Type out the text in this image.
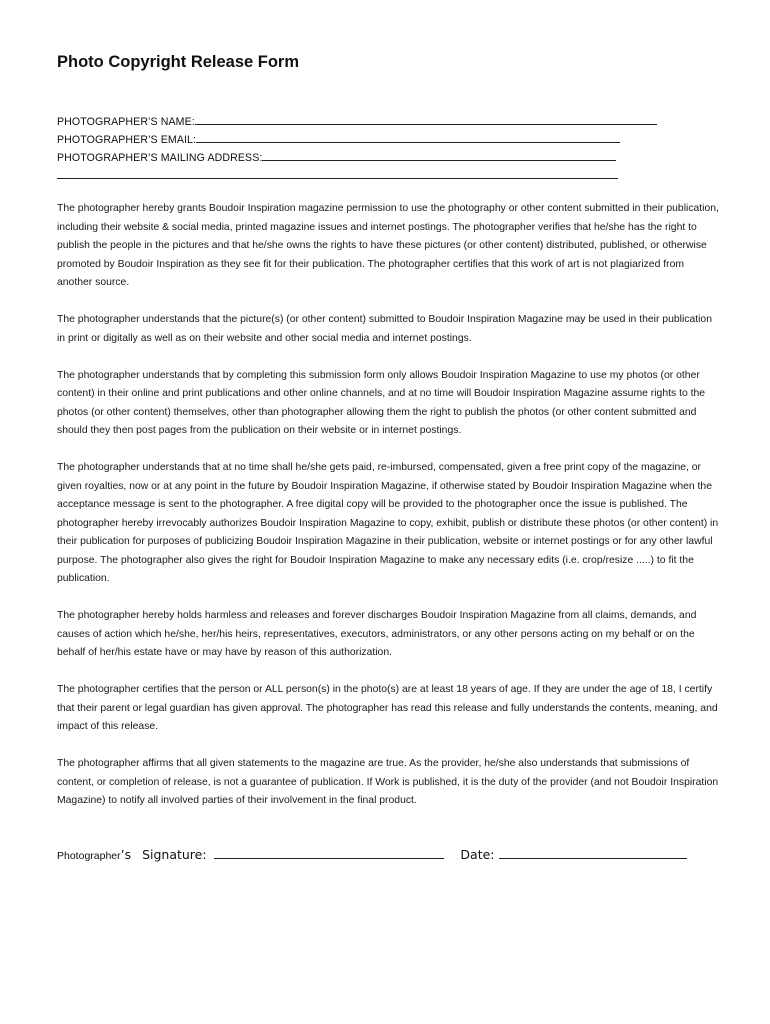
Photo Copyright Release Form
PHOTOGRAPHER’S NAME:
PHOTOGRAPHER’S EMAIL:
PHOTOGRAPHER’S MAILING ADDRESS:

The photographer hereby grants Boudoir Inspiration magazine permission to use the photography or other content submitted in their publication, including their website & social media, printed magazine issues and internet postings. The photographer verifies that he/she has the right to publish the people in the pictures and that he/she owns the rights to have these pictures (or other content) distributed, published, or otherwise promoted by Boudoir Inspiration as they see fit for their publication. The photographer certifies that this work of art is not plagiarized from another source.

The photographer understands that the picture(s) (or other content) submitted to Boudoir Inspiration Magazine may be used in their publication in print or digitally as well as on their website and other social media and internet postings.

The photographer understands that by completing this submission form only allows Boudoir Inspiration Magazine to use my photos (or other content) in their online and print publications and other online channels, and at no time will Boudoir Inspiration Magazine assume rights to the photos (or other content) themselves, other than photographer allowing them the right to publish the photos (or other content submitted and should they then post pages from the publication on their website or in internet postings.

The photographer understands that at no time shall he/she gets paid, re-imbursed, compensated, given a free print copy of the magazine, or given royalties, now or at any point in the future by Boudoir Inspiration Magazine, if otherwise stated by Boudoir Inspiration Magazine when the acceptance message is sent to the photographer. A free digital copy will be provided to the photographer once the issue is published. The photographer hereby irrevocably authorizes Boudoir Inspiration Magazine to copy, exhibit, publish or distribute these photos (or other content) in their publication for purposes of publicizing Boudoir Inspiration Magazine in their publication, website or internet postings or for any other lawful purpose. The photographer also gives the right for Boudoir Inspiration Magazine to make any necessary edits (i.e. crop/resize .....) to fit the publication.

The photographer hereby holds harmless and releases and forever discharges Boudoir Inspiration Magazine from all claims, demands, and causes of action which he/she, her/his heirs, representatives, executors, administrators, or any other persons acting on my behalf or on the behalf of her/his estate have or may have by reason of this authorization.

The photographer certifies that the person or ALL person(s) in the photo(s) are at least 18 years of age. If they are under the age of 18, I certify that their parent or legal guardian has given approval. The photographer has read this release and fully understands the contents, meaning, and impact of this release.

The photographer affirms that all given statements to the magazine are true. As the provider, he/she also understands that submissions of content, or completion of release, is not a guarantee of publication. If Work is published, it is the duty of the provider (and not Boudoir Inspiration Magazine) to notify all involved parties of their involvement in the final product.

Photographer’s Signature:	Date:
